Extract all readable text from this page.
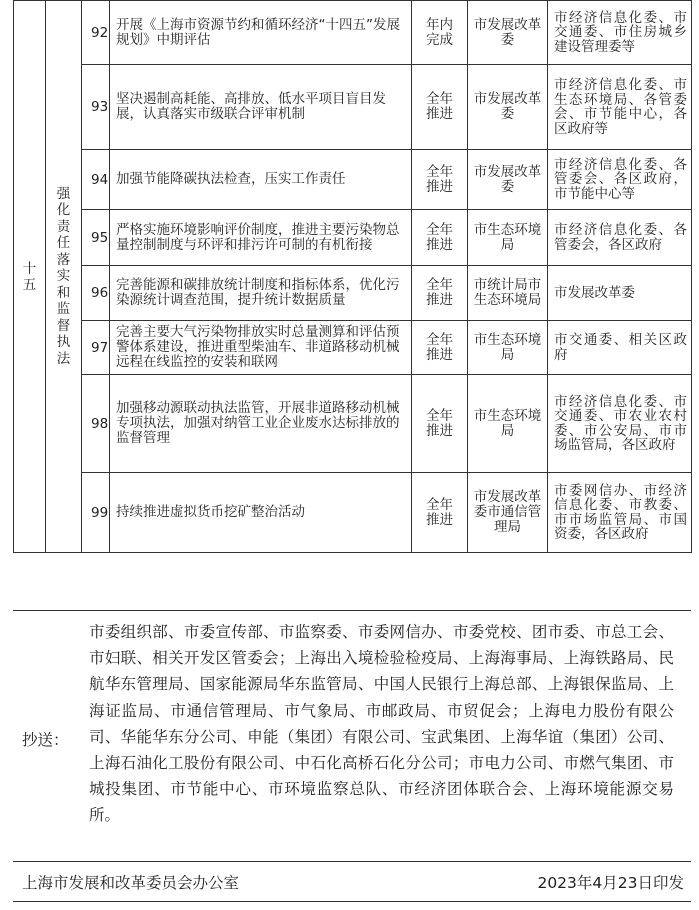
十五	强化责任落实和监督执法	92	开展《上海市资源节约和循环经济“十四五”发展规划》中期评估	年内完成	市发展改革委	市经济信息化委、市交通委、市住房城乡建设管理委等

		93	坚决遏制高耗能、高排放、低水平项目盲目发展，认真落实市级联合评审机制	全年推进	市发展改革委	市经济信息化委、市生态环境局、各管委会、市节能中心，各区政府等

		94	加强节能降碳执法检查，压实工作责任	全年推进	市发展改革委	市经济信息化委、各管委会、各区政府，市节能中心等

		95	严格实施环境影响评价制度，推进主要污染物总量控制制度与环评和排污许可制的有机衔接	全年推进	市生态环境局	市经济信息化委、各管委会，各区政府

		96	完善能源和碳排放统计制度和指标体系，优化污染源统计调查范围，提升统计数据质量	全年推进	市统计局市生态环境局	市发展改革委

		97	完善主要大气污染物排放实时总量测算和评估预警体系建设，推进重型柴油车、非道路移动机械远程在线监控的安装和联网	全年推进	市生态环境局	市交通委、相关区政府

		98	加强移动源联动执法监管，开展非道路移动机械专项执法，加强对纳管工业企业废水达标排放的监督管理	全年推进	市生态环境局	市经济信息化委、市交通委、市农业农村委、市公安局、市市场监管局，各区政府

		99	持续推进虚拟货币挖矿整治活动	全年推进	市发展改革委市通信管理局	市委网信办、市经济信息化委、市教委、市市场监管局、市国资委，各区政府
抄送：
市委组织部、市委宣传部、市监察委、市委网信办、市委党校、团市委、市总工会、市妇联、相关开发区管委会；上海出入境检验检疫局、上海海事局、上海铁路局、民航华东管理局、国家能源局华东监管局、中国人民银行上海总部、上海银保监局、上海证监局、市通信管理局、市气象局、市邮政局、市贸促会；上海电力股份有限公司、华能华东分公司、申能（集团）有限公司、宝武集团、上海华谊（集团）公司、上海石油化工股份有限公司、中石化高桥石化分公司；市电力公司、市燃气集团、市城投集团、市节能中心、市环境监察总队、市经济团体联合会、上海环境能源交易所。
上海市发展和改革委员会办公室	2023年4月23日印发
